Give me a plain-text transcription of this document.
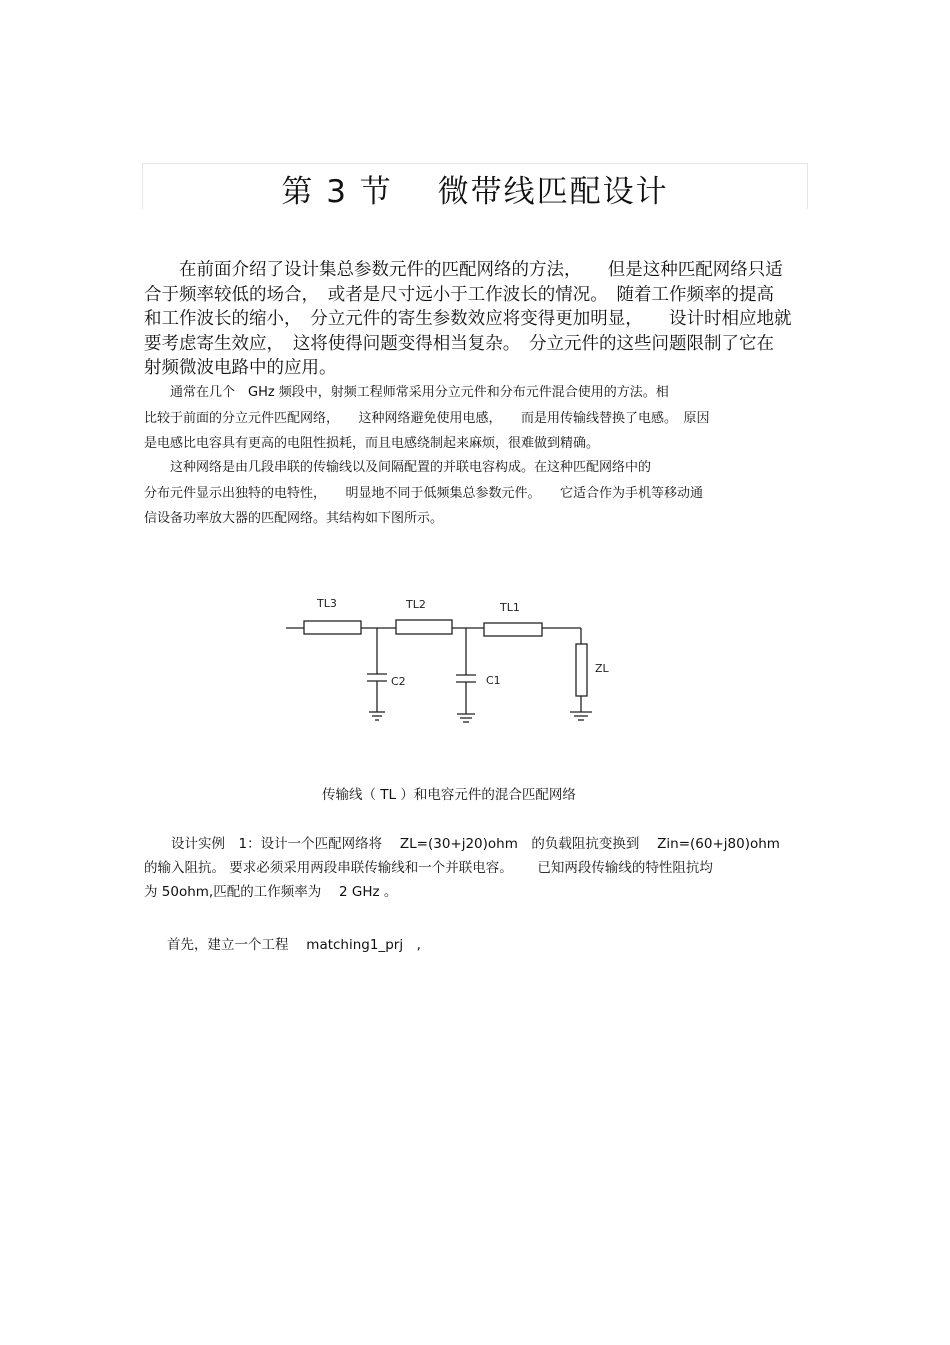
第 3 节　 微带线匹配设计
　　在前面介绍了设计集总参数元件的匹配网络的方法，　　但是这种匹配网络只适
合于频率较低的场合，　或者是尺寸远小于工作波长的情况。　随着工作频率的提高
和工作波长的缩小，　分立元件的寄生参数效应将变得更加明显，　　设计时相应地就
要考虑寄生效应，　这将使得问题变得相当复杂。　分立元件的这些问题限制了它在
射频微波电路中的应用。
　　通常在几个　GHz 频段中，射频工程师常采用分立元件和分布元件混合使用的方法。相
比较于前面的分立元件匹配网络，　　这种网络避免使用电感，　　而是用传输线替换了电感。　原因
是电感比电容具有更高的电阻性损耗，而且电感绕制起来麻烦，很难做到精确。
　　这种网络是由几段串联的传输线以及间隔配置的并联电容构成。在这种匹配网络中的
分布元件显示出独特的电特性，　　明显地不同于低频集总参数元件。　　它适合作为手机等移动通
信设备功率放大器的匹配网络。其结构如下图所示。
TL3	TL2	TL1
C2	C1
ZL
传输线（ TL ）和电容元件的混合匹配网络
　　设计实例　1：设计一个匹配网络将　 ZL=(30+j20)ohm　的负载阻抗变换到　 Zin=(60+j80)ohm
的输入阻抗。 要求必须采用两段串联传输线和一个并联电容。　　 已知两段传输线的特性阻抗均
为 50ohm,匹配的工作频率为　 2 GHz 。
首先，建立一个工程　 matching1_prj　,
